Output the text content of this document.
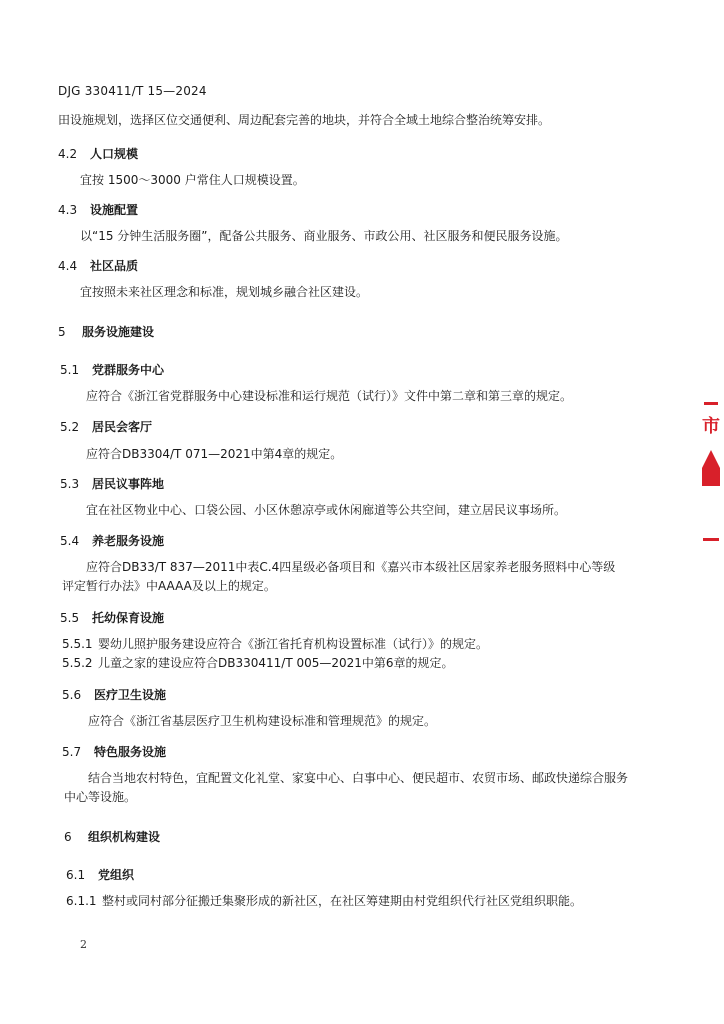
DJG 330411/T 15—2024
田设施规划，选择区位交通便利、周边配套完善的地块，并符合全域土地综合整治统筹安排。
4.2 人口规模
宜按 1500～3000 户常住人口规模设置。
4.3 设施配置
以“15 分钟生活服务圈”，配备公共服务、商业服务、市政公用、社区服务和便民服务设施。
4.4 社区品质
宜按照未来社区理念和标准，规划城乡融合社区建设。
5 服务设施建设
5.1 党群服务中心
应符合《浙江省党群服务中心建设标准和运行规范（试行）》文件中第二章和第三章的规定。
5.2 居民会客厅
应符合DB3304/T 071—2021中第4章的规定。
5.3 居民议事阵地
宜在社区物业中心、口袋公园、小区休憩凉亭或休闲廊道等公共空间，建立居民议事场所。
5.4 养老服务设施
应符合DB33/T 837—2011中表C.4四星级必备项目和《嘉兴市本级社区居家养老服务照料中心等级
评定暂行办法》中AAAA及以上的规定。
5.5 托幼保育设施
5.5.1 婴幼儿照护服务建设应符合《浙江省托育机构设置标准（试行）》的规定。
5.5.2 儿童之家的建设应符合DB330411/T 005—2021中第6章的规定。
5.6 医疗卫生设施
应符合《浙江省基层医疗卫生机构建设标准和管理规范》的规定。
5.7 特色服务设施
结合当地农村特色，宜配置文化礼堂、家宴中心、白事中心、便民超市、农贸市场、邮政快递综合服务
中心等设施。
6 组织机构建设
6.1 党组织
6.1.1 整村或同村部分征搬迁集聚形成的新社区，在社区筹建期由村党组织代行社区党组织职能。
2
市
